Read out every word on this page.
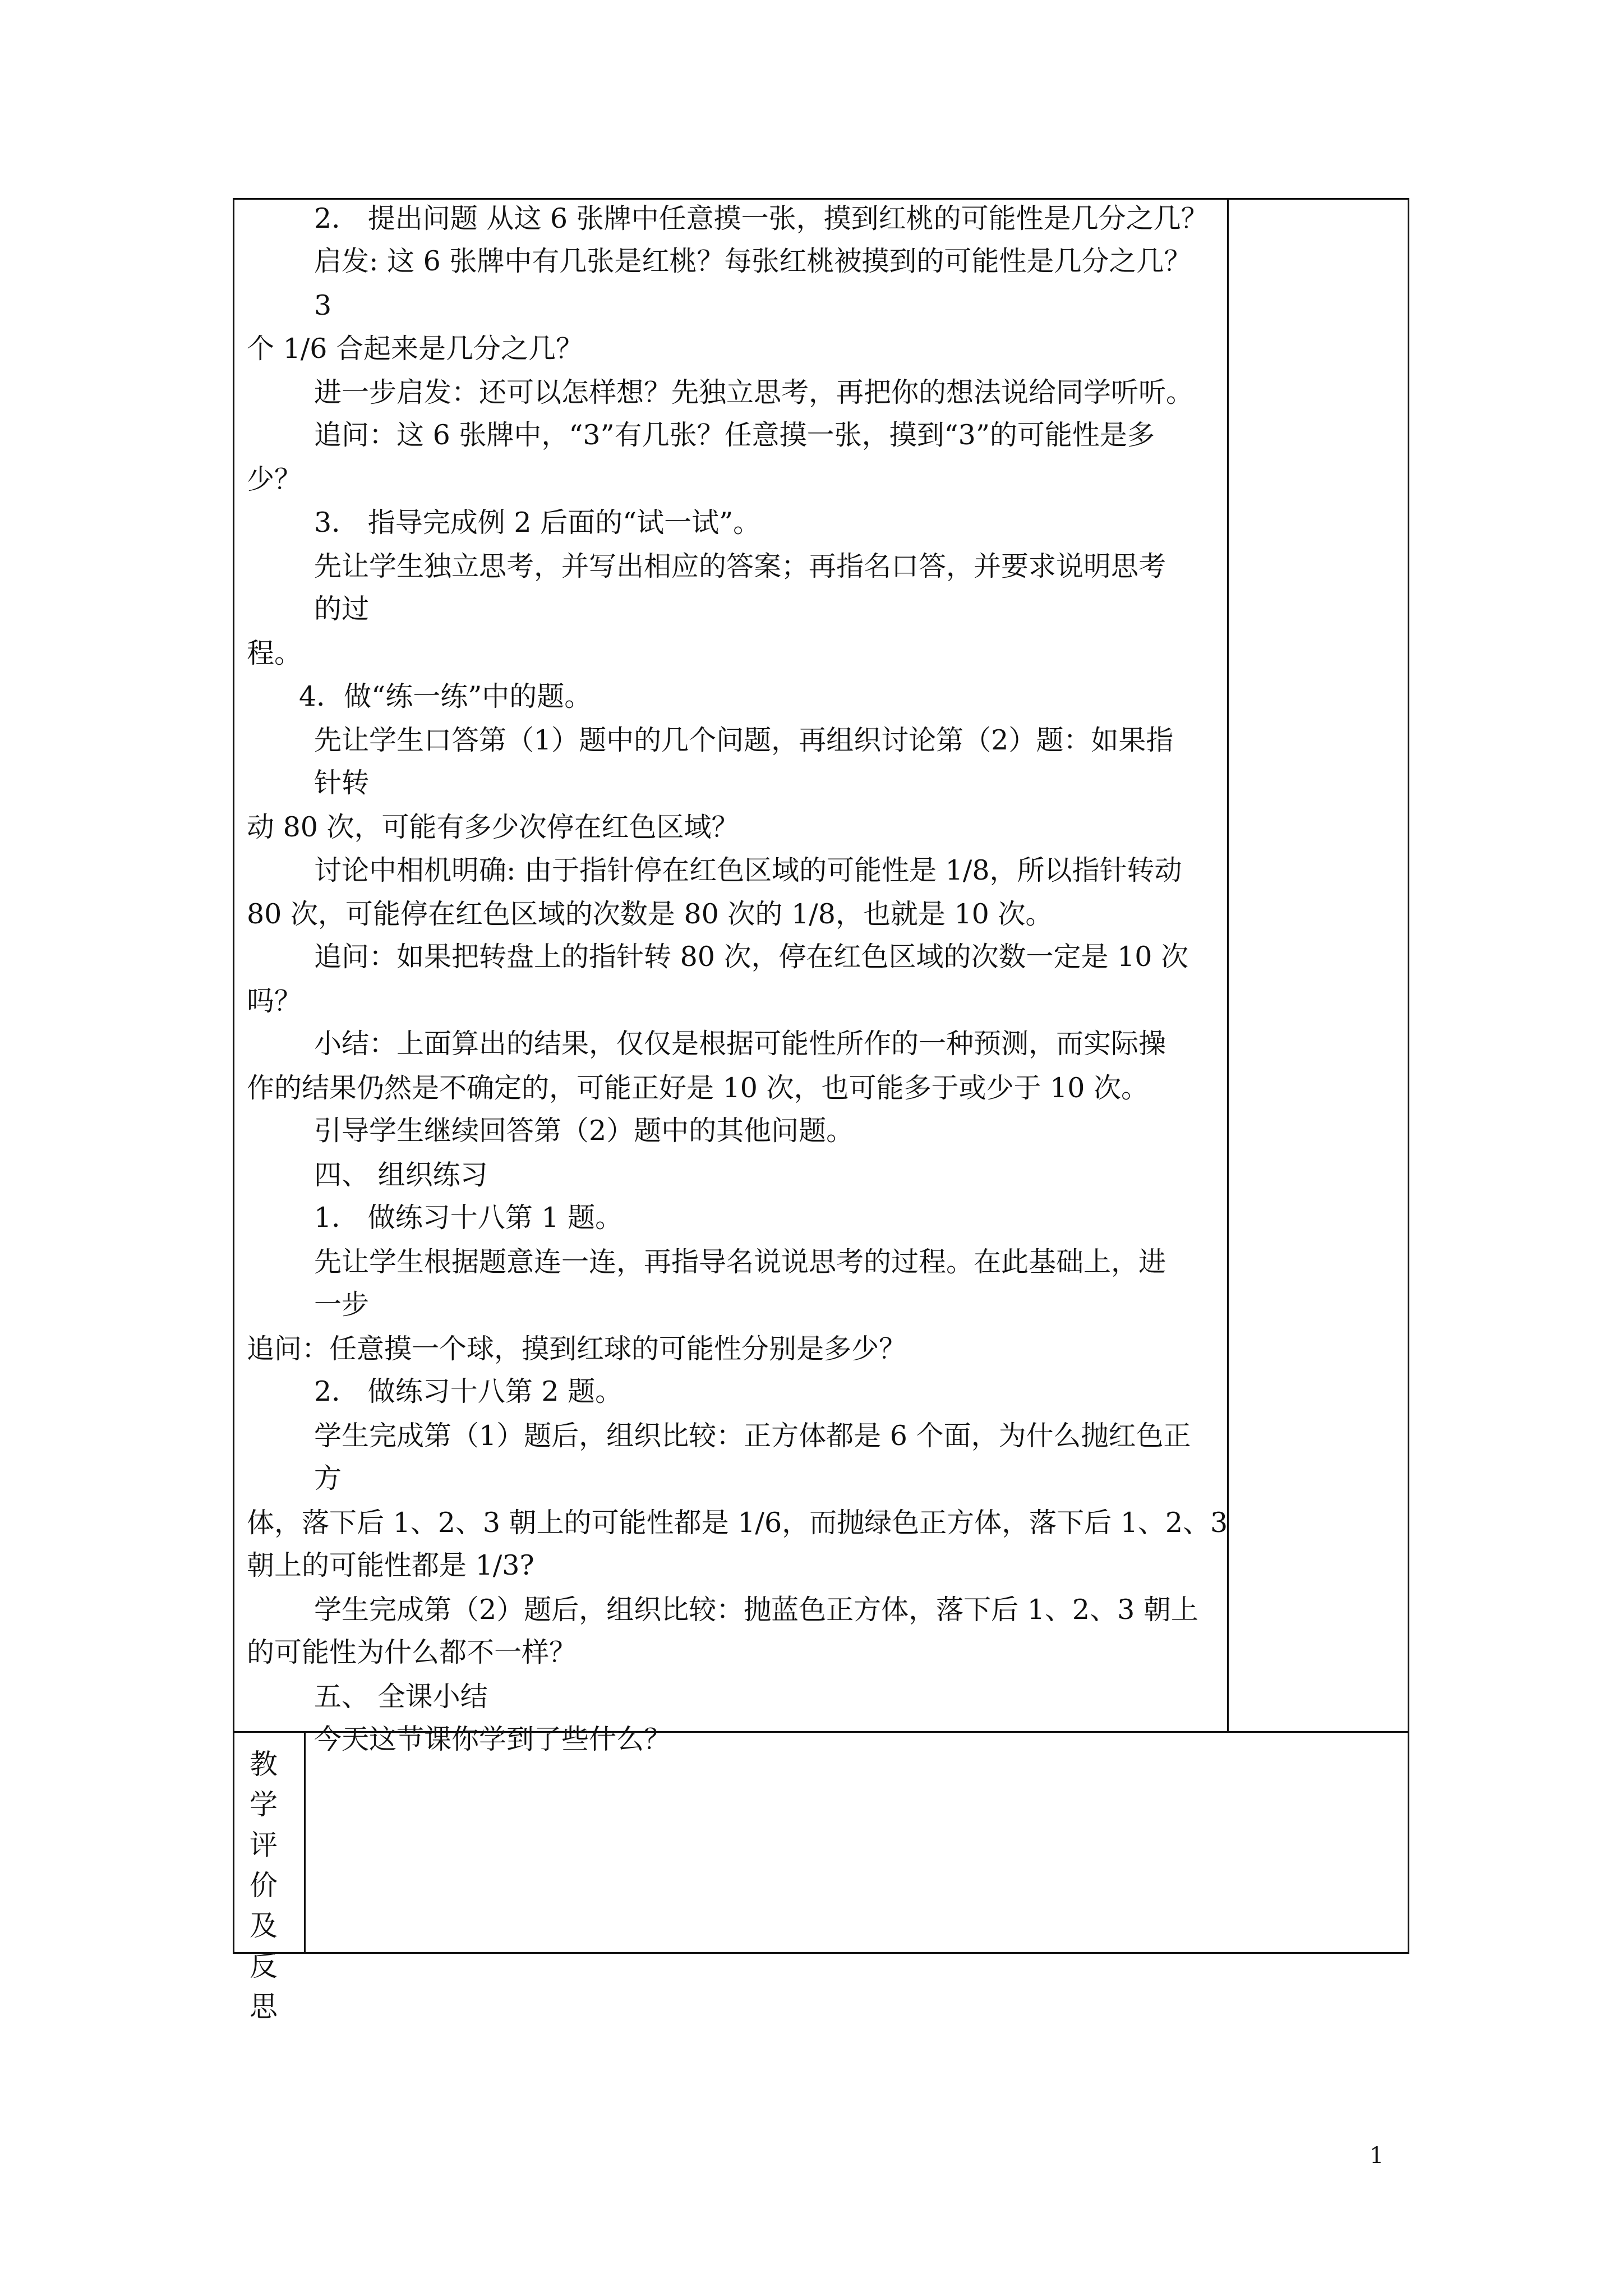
2． 提出问题 从这 6 张牌中任意摸一张，摸到红桃的可能性是几分之几？
启发: 这 6 张牌中有几张是红桃？每张红桃被摸到的可能性是几分之几？
3
个 1/6 合起来是几分之几？
进一步启发：还可以怎样想？先独立思考，再把你的想法说给同学听听。
追问：这 6 张牌中，“3”有几张？任意摸一张，摸到“3”的可能性是多
少？
3． 指导完成例 2 后面的“试一试”。
先让学生独立思考，并写出相应的答案；再指名口答，并要求说明思考
的过
程。
4．做“练一练”中的题。
先让学生口答第（1）题中的几个问题，再组织讨论第（2）题：如果指
针转
动 80 次，可能有多少次停在红色区域？
讨论中相机明确: 由于指针停在红色区域的可能性是 1/8，所以指针转动
80 次，可能停在红色区域的次数是 80 次的 1/8，也就是 10 次。
追问：如果把转盘上的指针转 80 次，停在红色区域的次数一定是 10 次
吗？
小结：上面算出的结果，仅仅是根据可能性所作的一种预测，而实际操
作的结果仍然是不确定的，可能正好是 10 次，也可能多于或少于 10 次。
引导学生继续回答第（2）题中的其他问题。
四、 组织练习
1． 做练习十八第 1 题。
先让学生根据题意连一连，再指导名说说思考的过程。在此基础上，进
一步
追问：任意摸一个球，摸到红球的可能性分别是多少？
2． 做练习十八第 2 题。
学生完成第（1）题后，组织比较：正方体都是 6 个面，为什么抛红色正
方
体，落下后 1、2、3 朝上的可能性都是 1/6，而抛绿色正方体，落下后 1、2、3
朝上的可能性都是 1/3?
学生完成第（2）题后，组织比较：抛蓝色正方体，落下后 1、2、3 朝上
的可能性为什么都不一样？
五、 全课小结
今天这节课你学到了些什么？
教
学
评
价
及
反
思
1
